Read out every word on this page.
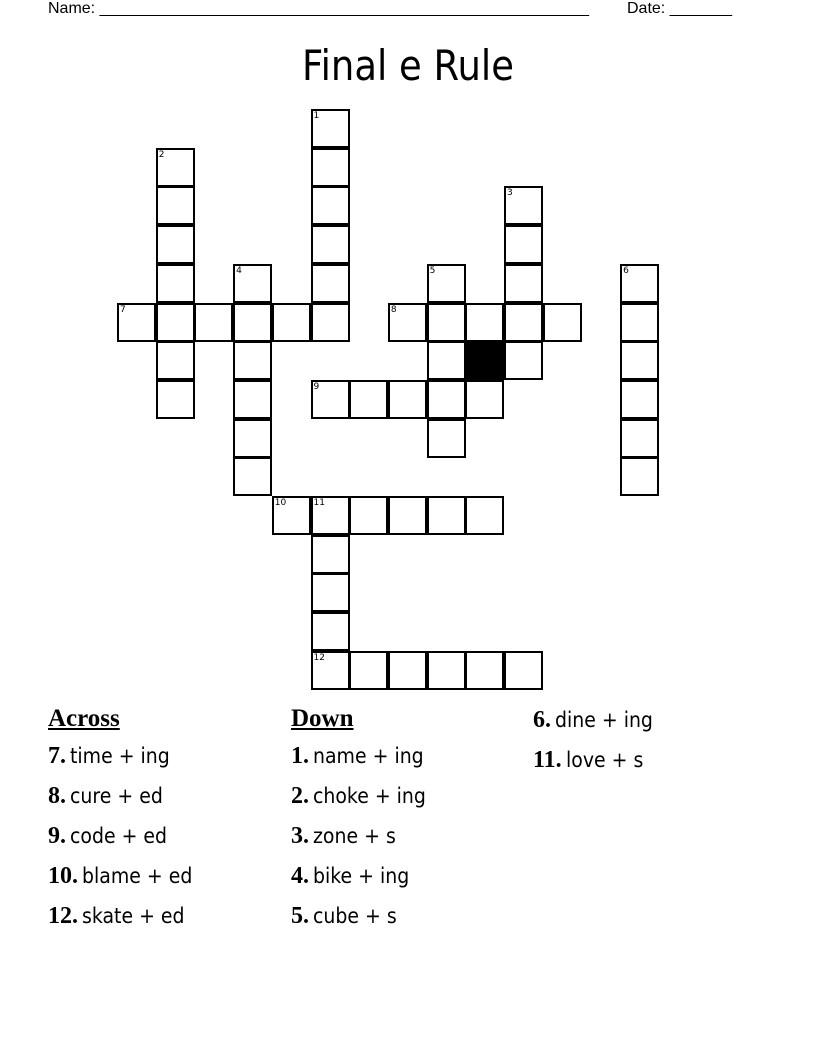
Name: _______________________________________________________ Date: _______
Final e Rule
1
2
3
4	5	6
7	8
9
10	11
12
Across
7. time + ing
8. cure + ed
9. code + ed
10. blame + ed
12. skate + ed
Down
1. name + ing
2. choke + ing
3. zone + s
4. bike + ing
5. cube + s
6. dine + ing
11. love + s
